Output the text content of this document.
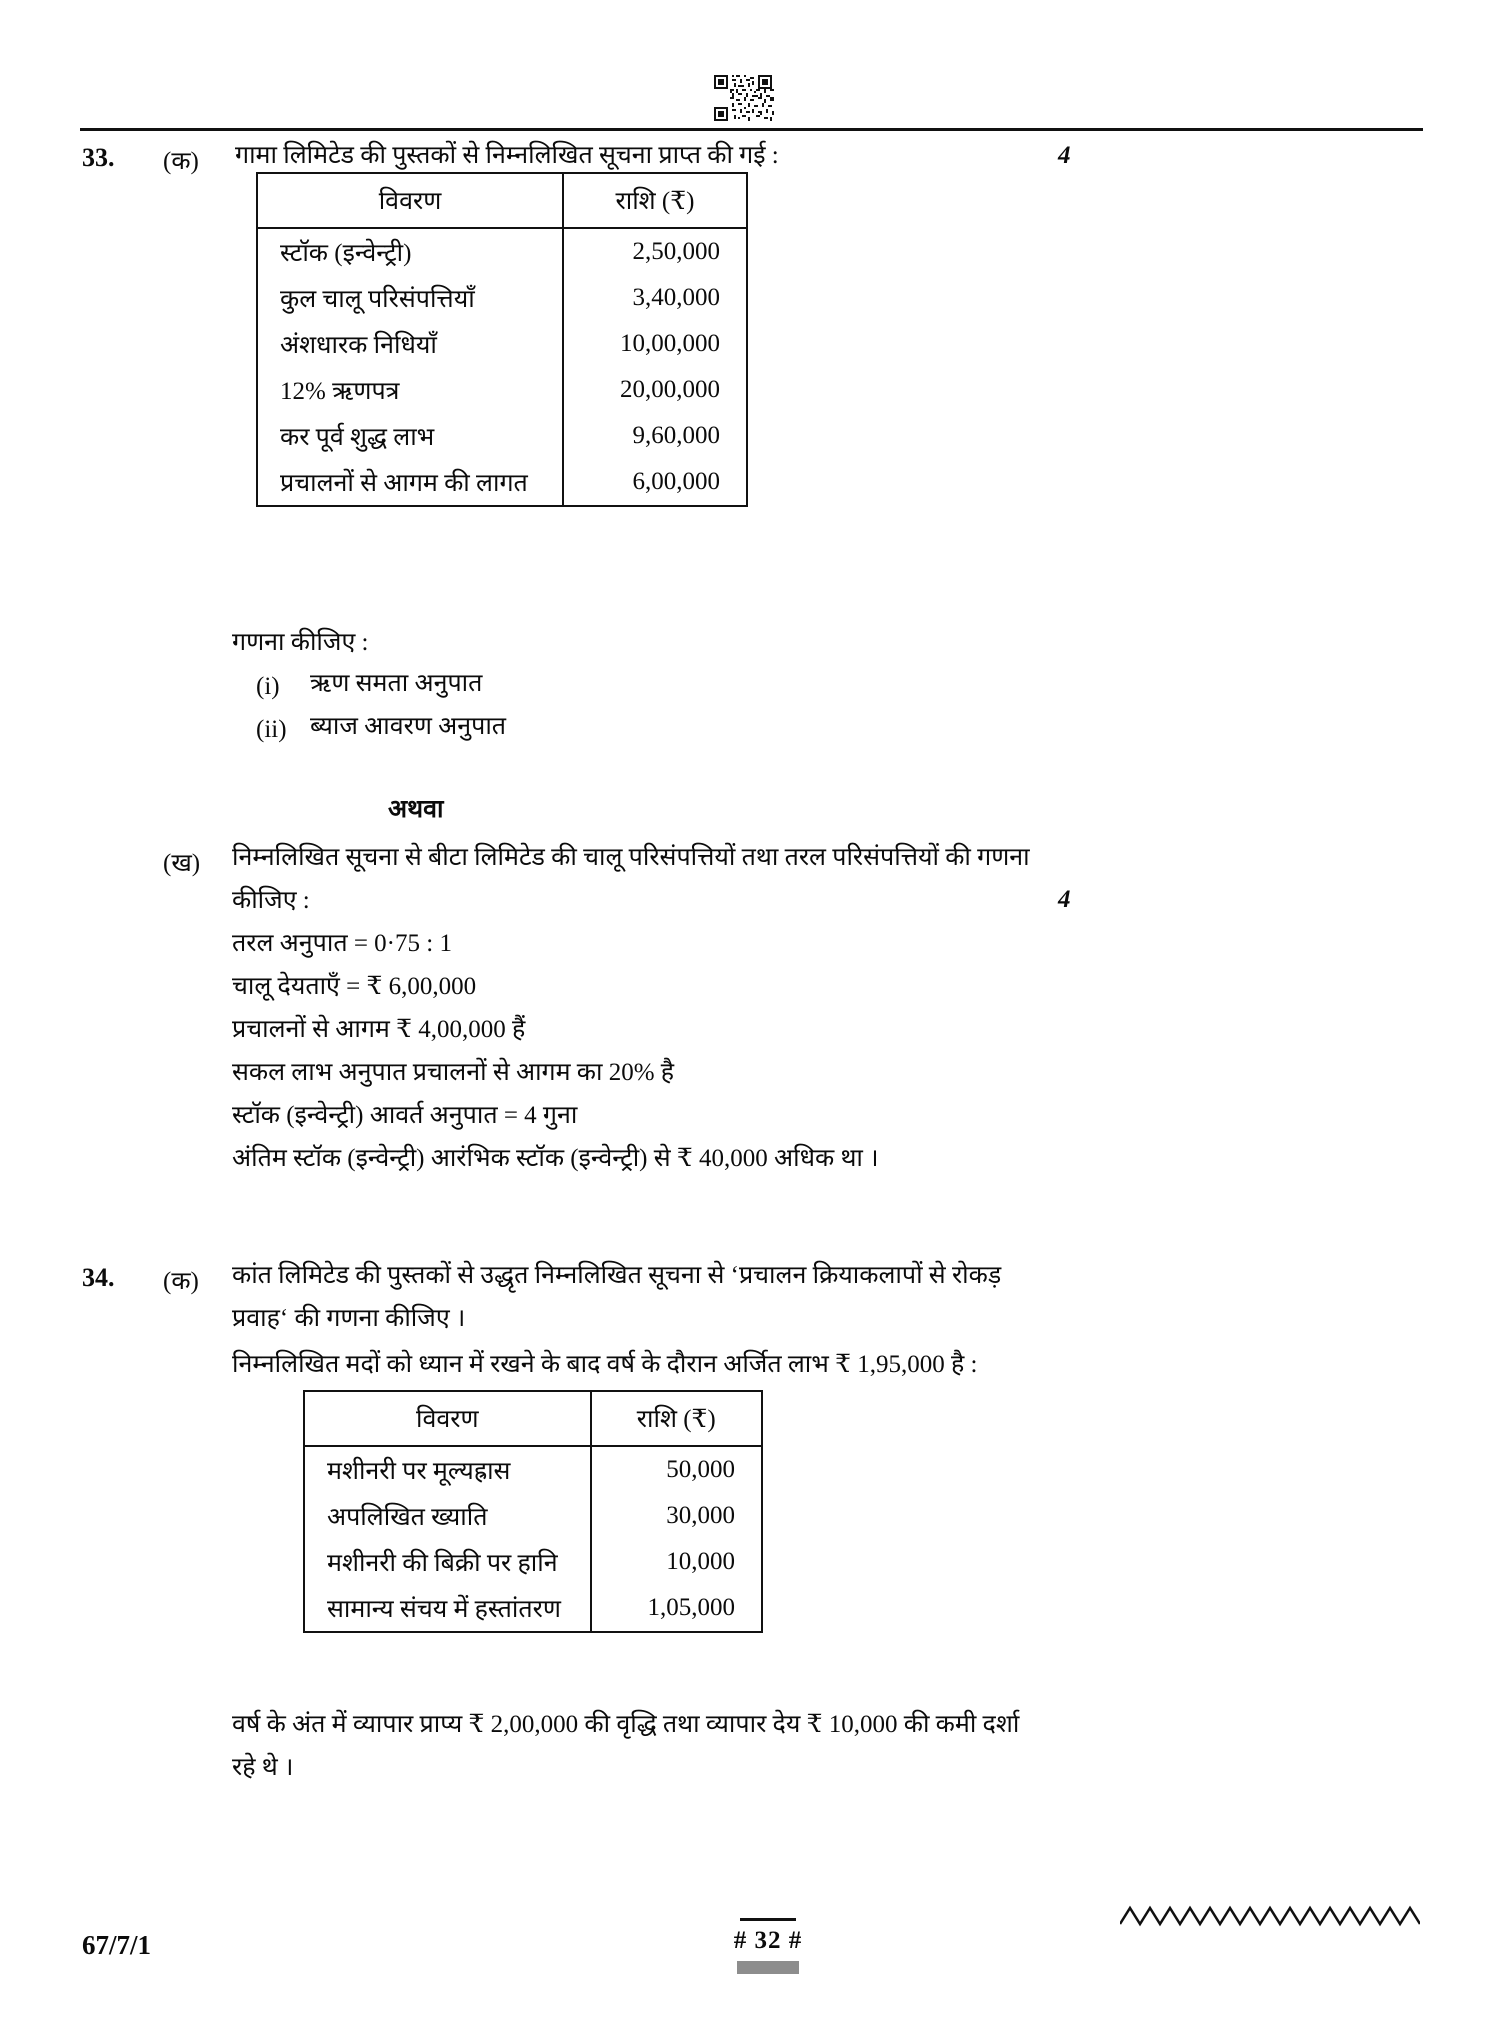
33. (क) गामा लिमिटेड की पुस्तकों से निम्नलिखित सूचना प्राप्त की गई :	4
विवरण	राशि (₹)
स्टॉक (इन्वेन्ट्री)	2,50,000
कुल चालू परिसंपत्तियाँ	3,40,000
अंशधारक निधियाँ	10,00,000
12% ऋणपत्र	20,00,000
कर पूर्व शुद्ध लाभ	9,60,000
प्रचालनों से आगम की लागत	6,00,000
गणना कीजिए :
(i) ऋण समता अनुपात
(ii) ब्याज आवरण अनुपात
अथवा
(ख) निम्नलिखित सूचना से बीटा लिमिटेड की चालू परिसंपत्तियों तथा तरल परिसंपत्तियों की गणना
कीजिए :	4
तरल अनुपात = 0·75 : 1
चालू देयताएँ = ₹ 6,00,000
प्रचालनों से आगम ₹ 4,00,000 हैं
सकल लाभ अनुपात प्रचालनों से आगम का 20% है
स्टॉक (इन्वेन्ट्री) आवर्त अनुपात = 4 गुना
अंतिम स्टॉक (इन्वेन्ट्री) आरंभिक स्टॉक (इन्वेन्ट्री) से ₹ 40,000 अधिक था ।
34. (क) कांत लिमिटेड की पुस्तकों से उद्धृत निम्नलिखित सूचना से ‘प्रचालन क्रियाकलापों से रोकड़
प्रवाह‘ की गणना कीजिए ।
निम्नलिखित मदों को ध्यान में रखने के बाद वर्ष के दौरान अर्जित लाभ ₹ 1,95,000 है :
विवरण	राशि (₹)
मशीनरी पर मूल्यह्रास	50,000
अपलिखित ख्याति	30,000
मशीनरी की बिक्री पर हानि	10,000
सामान्य संचय में हस्तांतरण	1,05,000
वर्ष के अंत में व्यापार प्राप्य ₹ 2,00,000 की वृद्धि तथा व्यापार देय ₹ 10,000 की कमी दर्शा
रहे थे ।
67/7/1	# 32 #
